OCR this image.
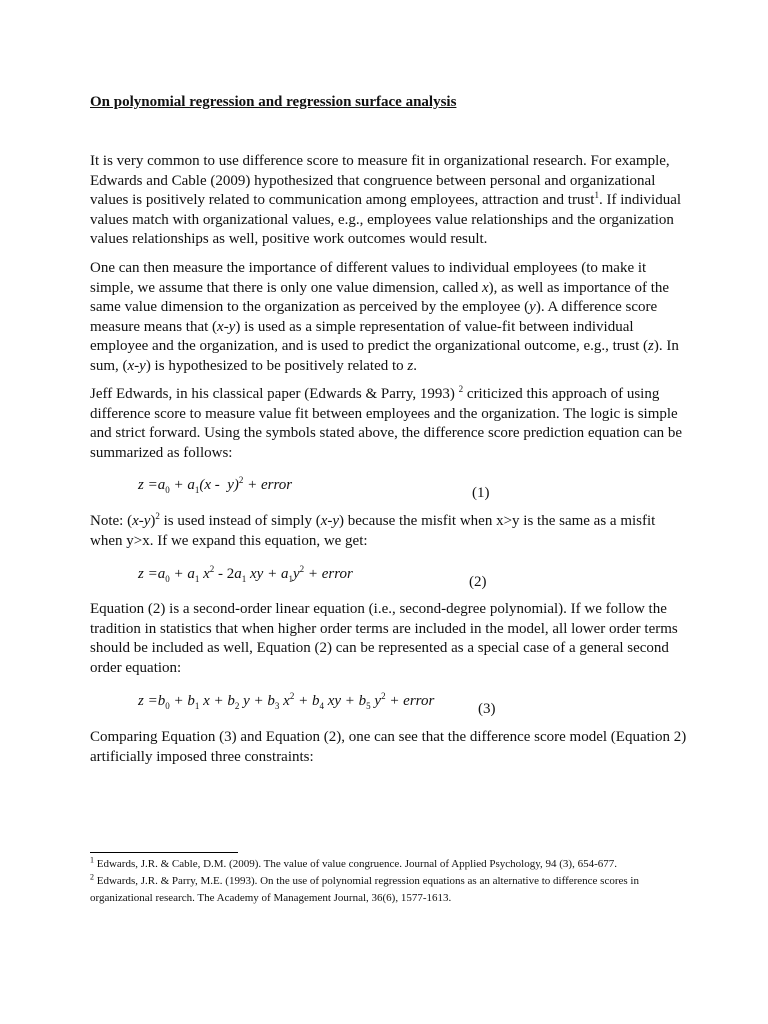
On polynomial regression and regression surface analysis

It is very common to use difference score to measure fit in organizational research. For example, Edwards and Cable (2009) hypothesized that congruence between personal and organizational values is positively related to communication among employees, attraction and trust$^1$. If individual values match with organizational values, e.g., employees value relationships and the organization values relationships as well, positive work outcomes would result.

One can then measure the importance of different values to individual employees (to make it simple, we assume that there is only one value dimension, called x), as well as importance of the same value dimension to the organization as perceived by the employee (y). A difference score measure means that (x-y) is used as a simple representation of value-fit between individual employee and the organization, and is used to predict the organizational outcome, e.g., trust (z). In sum, (x-y) is hypothesized to be positively related to z.

Jeff Edwards, in his classical paper (Edwards & Parry, 1993) $^2$ criticized this approach of using difference score to measure value fit between employees and the organization. The logic is simple and strict forward. Using the symbols stated above, the difference score prediction equation can be summarized as follows:

$z =a_0 + a_1(x - y)^2$ + error	(1)

Note: $(x-y)^2$ is used instead of simply (x-y) because the misfit when x>y is the same as a misfit when y>x. If we expand this equation, we get:

$z =a_0 + a_1$ $x^2 - 2a_1$ xy + $a_1y^2$ + error	(2)

Equation (2) is a second-order linear equation (i.e., second-degree polynomial). If we follow the tradition in statistics that when higher order terms are included in the model, all lower order terms should be included as well, Equation (2) can be represented as a special case of a general second order equation:

$z =b_0 + b_1$ $x + b_2$ $y + b_3$ $x^2 + b_4$ xy + $b_5$ $y^2$ + error	(3)

Comparing Equation (3) and Equation (2), one can see that the difference score model (Equation 2) artificially imposed three constraints:

$^1$ Edwards, J.R. & Cable, D.M. (2009). The value of value congruence. Journal of Applied Psychology, 94 (3), 654-677.

$^2$ Edwards, J.R. & Parry, M.E. (1993). On the use of polynomial regression equations as an alternative to difference scores in organizational research. The Academy of Management Journal, 36(6), 1577-1613.
